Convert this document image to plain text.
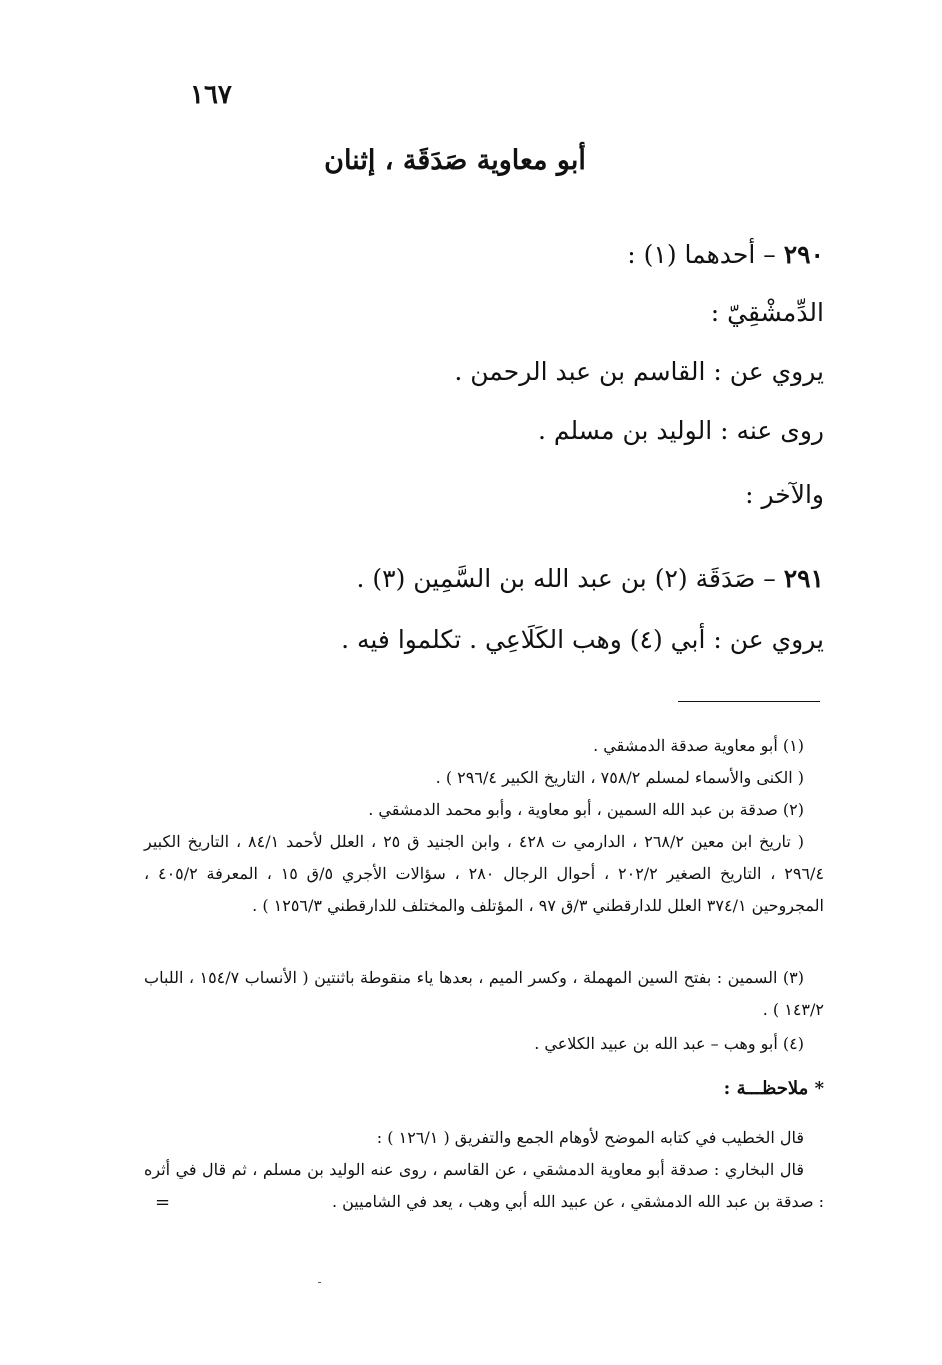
١٦٧
أبو معاوية صَدَقَة ، إثنان
٢٩٠ – أحدهما (١) :
الدِّمشْقِيّ :
يروي عن : القاسم بن عبد الرحمن .
روى عنه : الوليد بن مسلم .
والآخر :
٢٩١ – صَدَقَة (٢) بن عبد الله بن السَّمِين (٣) .
يروي عن : أبي (٤) وهب الكَلَاعِي . تكلموا فيه .
(١) أبو معاوية صدقة الدمشقي .
( الكنى والأسماء لمسلم ٧٥٨/٢ ، التاريخ الكبير ٢٩٦/٤ ) .
(٢) صدقة بن عبد الله السمين ، أبو معاوية ، وأبو محمد الدمشقي .
( تاريخ ابن معين ٢٦٨/٢ ، الدارمي ت ٤٢٨ ، وابن الجنيد ق ٢٥ ، العلل لأحمد ٨٤/١ ، التاريخ الكبير ٢٩٦/٤ ، التاريخ الصغير ٢٠٢/٢ ، أحوال الرجال ٢٨٠ ، سؤالات الأجري ٥/ق ١٥ ، المعرفة ٤٠٥/٢ ، المجروحين ٣٧٤/١ العلل للدارقطني ٣/ق ٩٧ ، المؤتلف والمختلف للدارقطني ١٢٥٦/٣ ) .
(٣) السمين : بفتح السين المهملة ، وكسر الميم ، بعدها ياء منقوطة باثنتين ( الأنساب ١٥٤/٧ ، اللباب ١٤٣/٢ ) .
(٤) أبو وهب – عبد الله بن عبيد الكلاعي .
* ملاحظـــة :
قال الخطيب في كتابه الموضح لأوهام الجمع والتفريق ( ١٢٦/١ ) :
قال البخاري : صدقة أبو معاوية الدمشقي ، عن القاسم ، روى عنه الوليد بن مسلم ، ثم قال في أثره : صدقة بن عبد الله الدمشقي ، عن عبيد الله أبي وهب ، يعد في الشاميين .
=
